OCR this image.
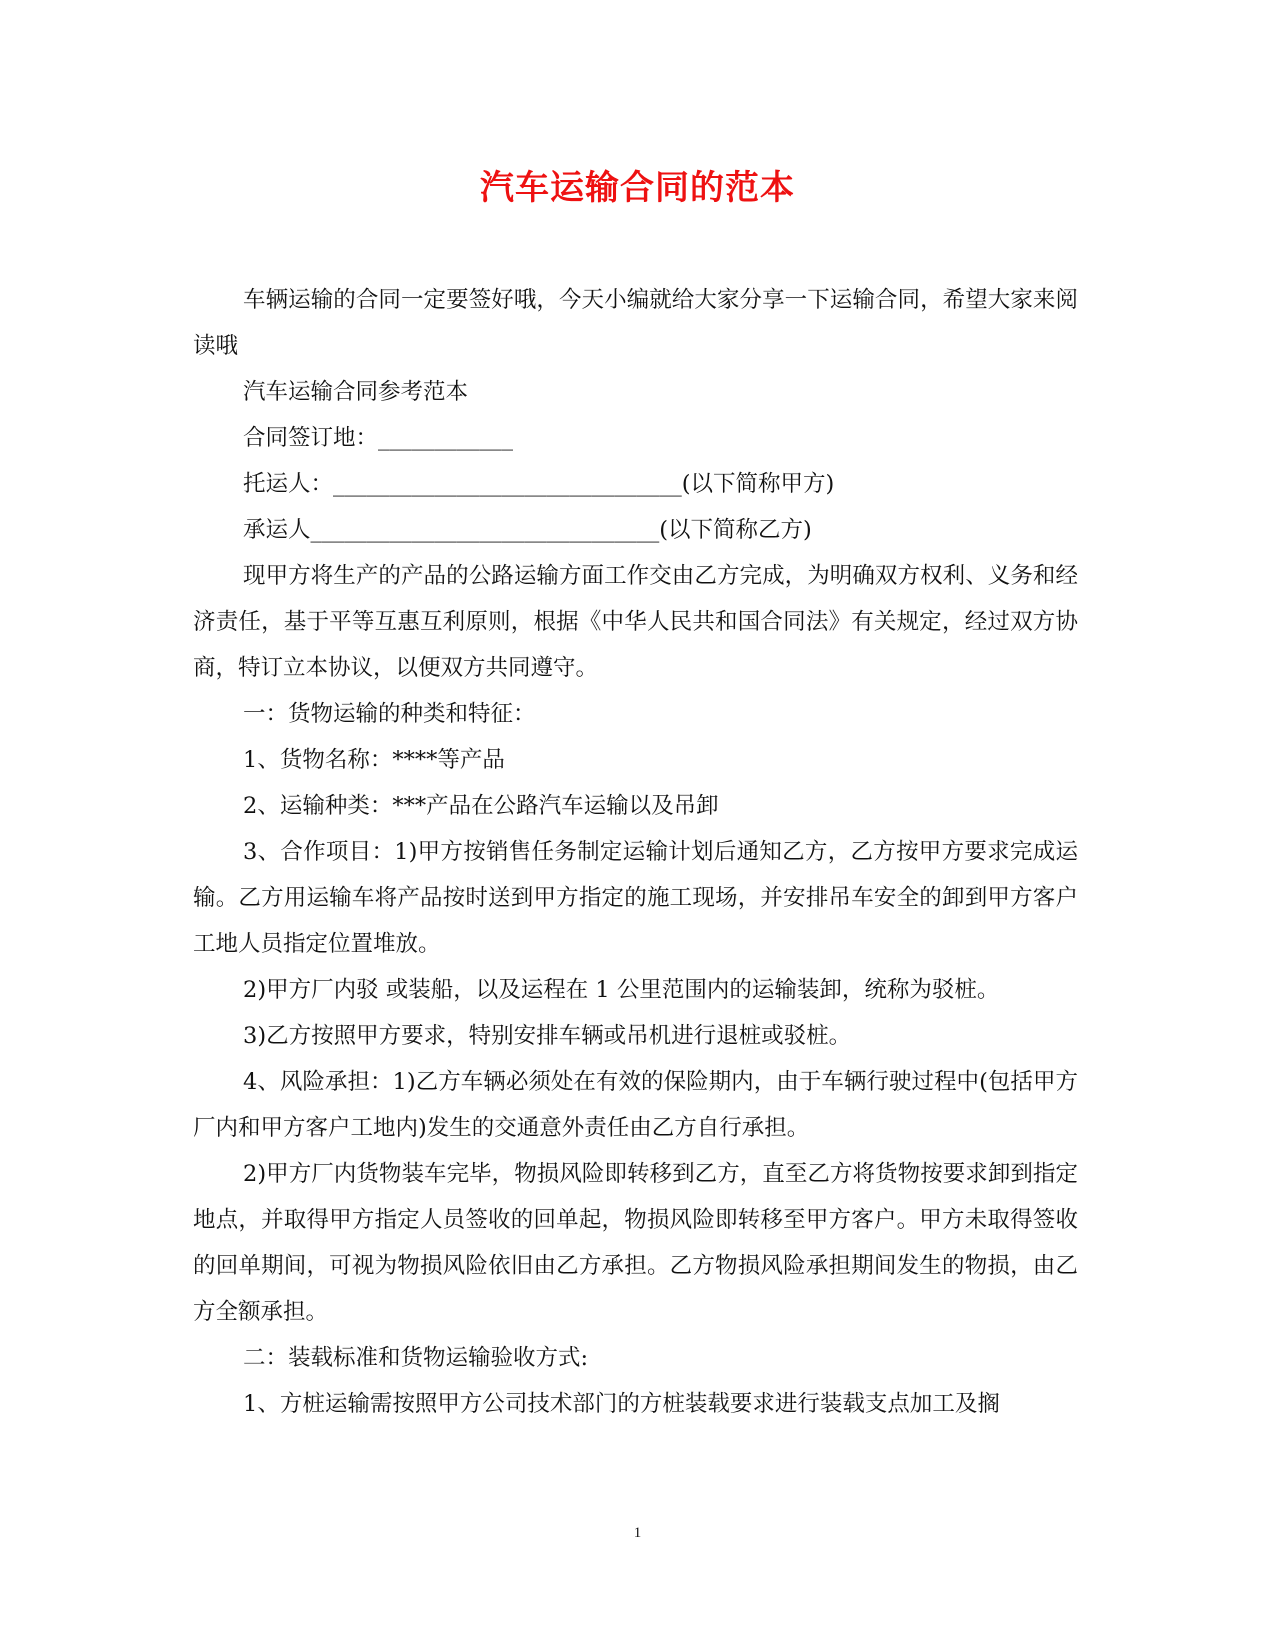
汽车运输合同的范本

车辆运输的合同一定要签好哦，今天小编就给大家分享一下运输合同，希望大家来阅读哦

汽车运输合同参考范本

合同签订地：____________

托运人：_______________________________(以下简称甲方)

承运人_______________________________(以下简称乙方)

现甲方将生产的产品的公路运输方面工作交由乙方完成，为明确双方权利、义务和经济责任，基于平等互惠互利原则，根据《中华人民共和国合同法》有关规定，经过双方协商，特订立本协议，以便双方共同遵守。

一：货物运输的种类和特征：

1、货物名称：****等产品

2、运输种类：***产品在公路汽车运输以及吊卸

3、合作项目：1)甲方按销售任务制定运输计划后通知乙方，乙方按甲方要求完成运输。乙方用运输车将产品按时送到甲方指定的施工现场，并安排吊车安全的卸到甲方客户工地人员指定位置堆放。

2)甲方厂内驳 或装船，以及运程在 1 公里范围内的运输装卸，统称为驳桩。

3)乙方按照甲方要求，特别安排车辆或吊机进行退桩或驳桩。

4、风险承担：1)乙方车辆必须处在有效的保险期内，由于车辆行驶过程中(包括甲方厂内和甲方客户工地内)发生的交通意外责任由乙方自行承担。

2)甲方厂内货物装车完毕，物损风险即转移到乙方，直至乙方将货物按要求卸到指定地点，并取得甲方指定人员签收的回单起，物损风险即转移至甲方客户。甲方未取得签收的回单期间，可视为物损风险依旧由乙方承担。乙方物损风险承担期间发生的物损，由乙方全额承担。

二：装载标准和货物运输验收方式:

1、方桩运输需按照甲方公司技术部门的方桩装载要求进行装载支点加工及搁

1
